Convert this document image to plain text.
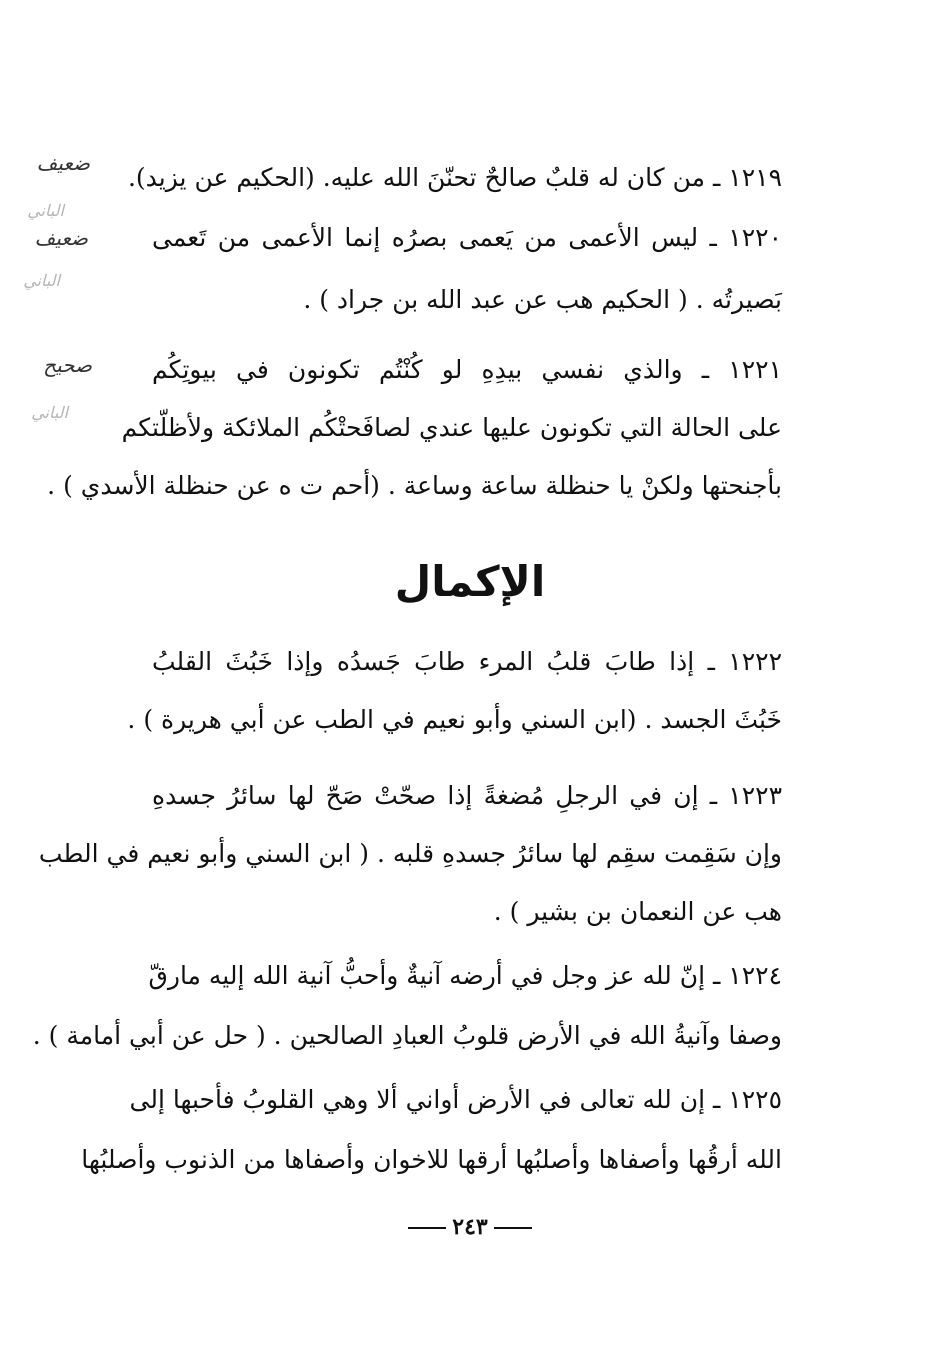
ضعيف
الباني
ضعيف
الباني
صحيح
الباني
١٢١٩ ـ من كان له قلبٌ صالحٌ تحنّنَ الله عليه. (الحكيم عن يزيد).
١٢٢٠ ـ ليس الأعمى من يَعمى بصرُه إنما الأعمى من تَعمى
بَصيرتُه . ( الحكيم هب عن عبد الله بن جراد ) .
١٢٢١ ـ والذي نفسي بيدِهِ لو كُنْتُم تكونون في بيوتِكُم
على الحالة التي تكونون عليها عندي لصافَحتْكُم الملائكة ولأظلّتكم
بأجنحتها ولكنْ يا حنظلة ساعة وساعة . (أحم ت ه عن حنظلة الأسدي ) .
الإكمال
١٢٢٢ ـ إذا طابَ قلبُ المرء طابَ جَسدُه وإذا خَبُثَ القلبُ
خَبُثَ الجسد . (ابن السني وأبو نعيم في الطب عن أبي هريرة ) .
١٢٢٣ ـ إن في الرجلِ مُضغةً إذا صحّتْ صَحّ لها سائرُ جسدهِ
وإن سَقِمت سقِم لها سائرُ جسدهِ قلبه . ( ابن السني وأبو نعيم في الطب
هب عن النعمان بن بشير ) .
١٢٢٤ ـ إنّ لله عز وجل في أرضه آنيةٌ وأحبُّ آنية الله إليه مارقّ
وصفا وآنيةُ الله في الأرض قلوبُ العبادِ الصالحين . ( حل عن أبي أمامة ) .
١٢٢٥ ـ إن لله تعالى في الأرض أواني ألا وهي القلوبُ فأحبها إلى
الله أرقُها وأصفاها وأصلبُها أرقها للاخوان وأصفاها من الذنوب وأصلبُها
٢٤٣
